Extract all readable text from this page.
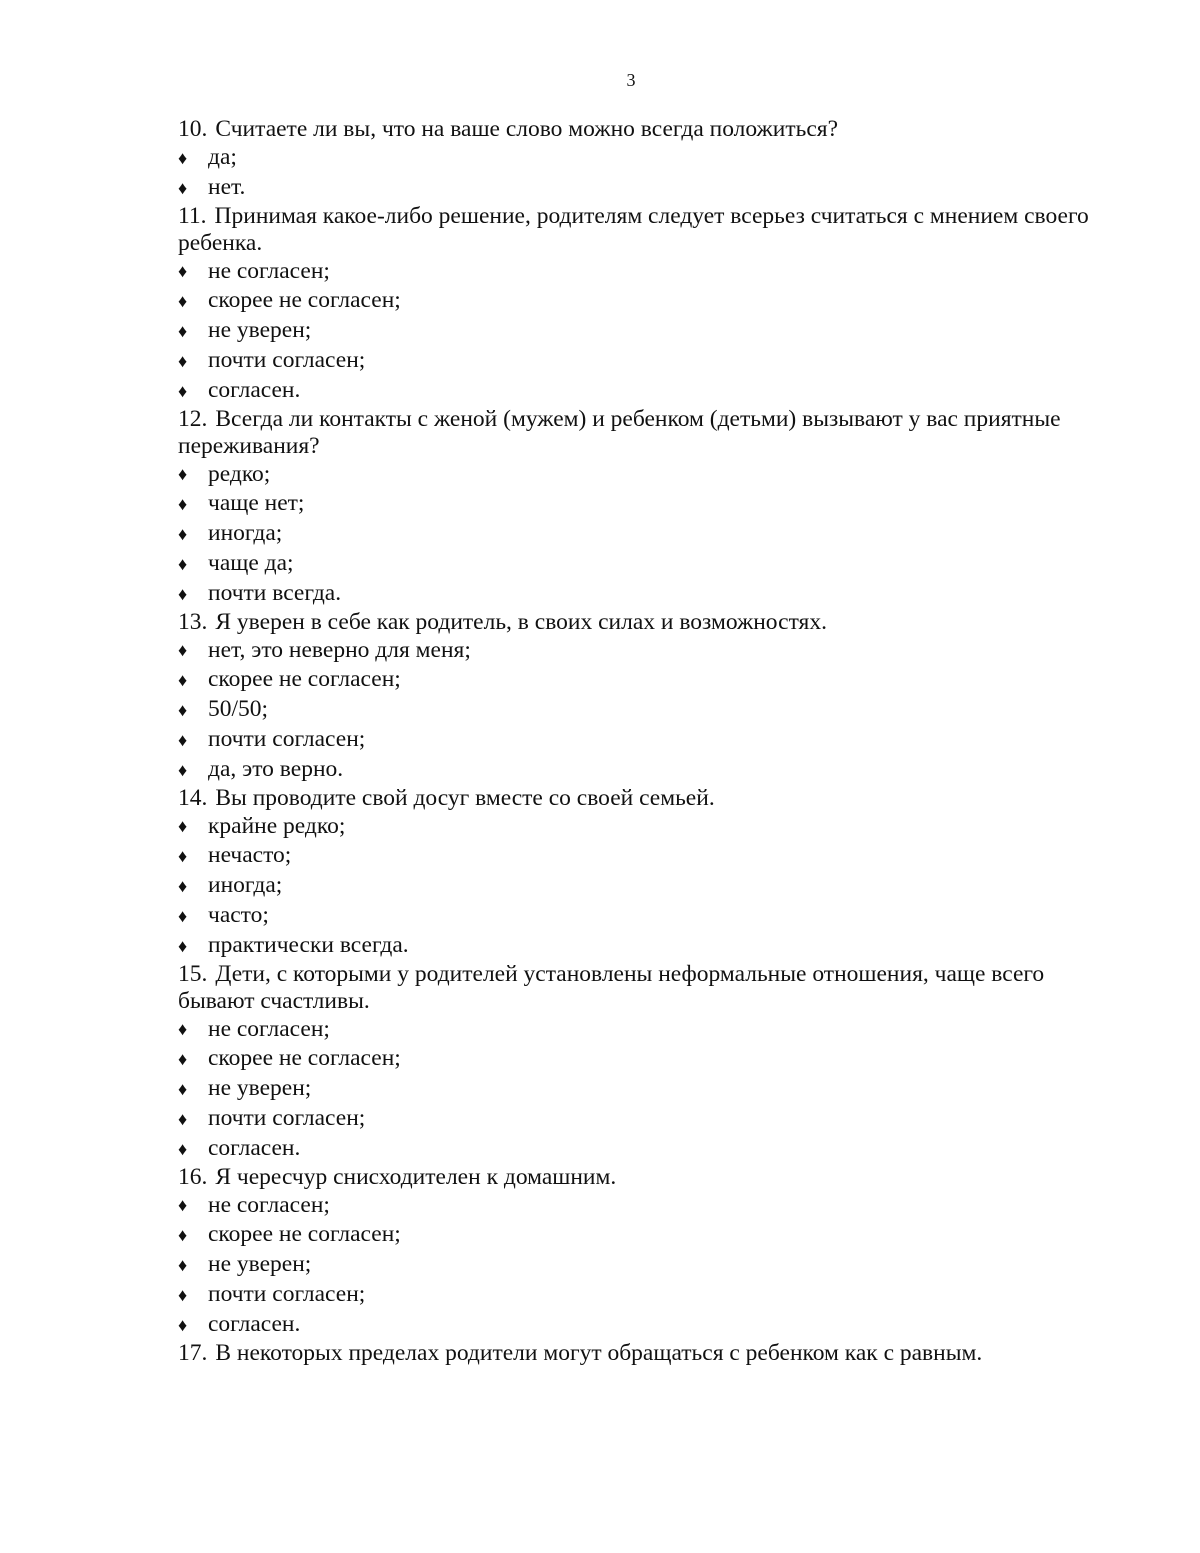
3

10. Считаете ли вы, что на ваше слово можно всегда положиться?

♦ да;
♦ нет.

11. Принимая какое-либо решение, родителям следует всерьез считаться с мнением своего ребенка.

♦ не согласен;
♦ скорее не согласен;
♦ не уверен;
♦ почти согласен;
♦ согласен.

12. Всегда ли контакты с женой (мужем) и ребенком (детьми) вызывают у вас приятные переживания?

♦ редко;
♦ чаще нет;
♦ иногда;
♦ чаще да;
♦ почти всегда.

13. Я уверен в себе как родитель, в своих силах и возможностях.

♦ нет, это неверно для меня;
♦ скорее не согласен;
♦ 50/50;
♦ почти согласен;
♦ да, это верно.

14. Вы проводите свой досуг вместе со своей семьей.

♦ крайне редко;
♦ нечасто;
♦ иногда;
♦ часто;
♦ практически всегда.

15. Дети, с которыми у родителей установлены неформальные отношения, чаще всего бывают счастливы.

♦ не согласен;
♦ скорее не согласен;
♦ не уверен;
♦ почти согласен;
♦ согласен.

16. Я чересчур снисходителен к домашним.

♦ не согласен;
♦ скорее не согласен;
♦ не уверен;
♦ почти согласен;
♦ согласен.

17. В некоторых пределах родители могут обращаться с ребенком как с равным.
